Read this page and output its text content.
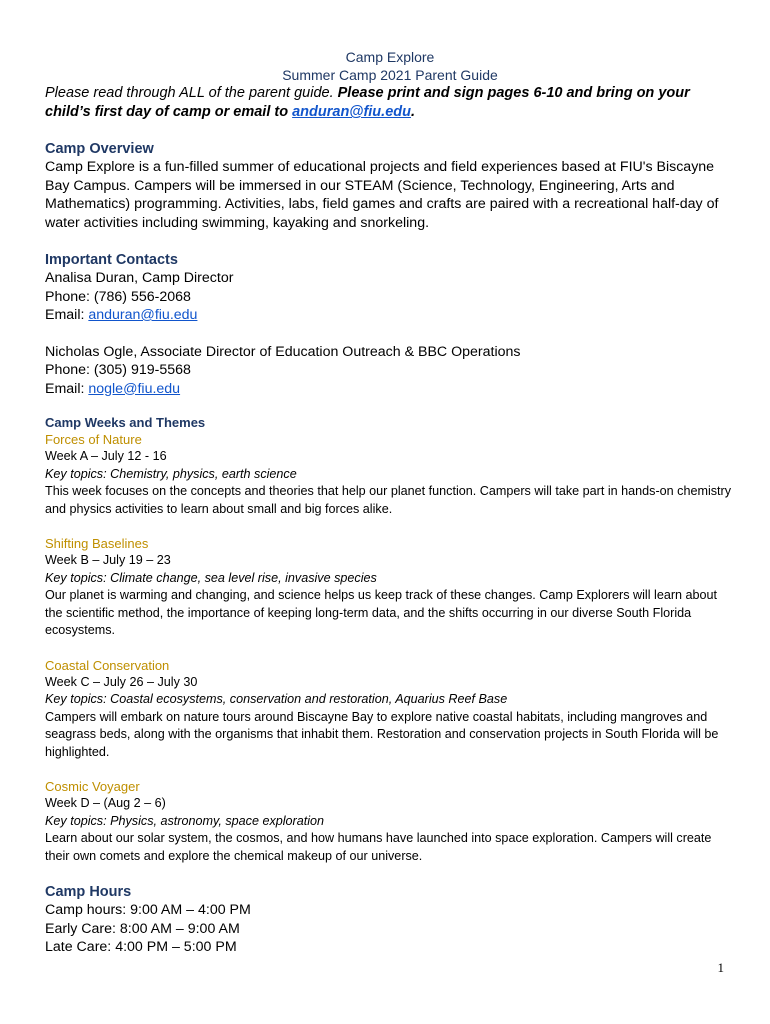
Camp Explore
Summer Camp 2021 Parent Guide
Please read through ALL of the parent guide. Please print and sign pages 6-10 and bring on your child’s first day of camp or email to anduran@fiu.edu.
Camp Overview
Camp Explore is a fun-filled summer of educational projects and field experiences based at FIU's Biscayne Bay Campus. Campers will be immersed in our STEAM (Science, Technology, Engineering, Arts and Mathematics) programming. Activities, labs, field games and crafts are paired with a recreational half-day of water activities including swimming, kayaking and snorkeling.
Important Contacts
Analisa Duran, Camp Director
Phone: (786) 556-2068
Email: anduran@fiu.edu
Nicholas Ogle, Associate Director of Education Outreach & BBC Operations
Phone: (305) 919-5568
Email: nogle@fiu.edu
Camp Weeks and Themes
Forces of Nature
Week A – July 12 - 16
Key topics: Chemistry, physics, earth science
This week focuses on the concepts and theories that help our planet function. Campers will take part in hands-on chemistry and physics activities to learn about small and big forces alike.
Shifting Baselines
Week B – July 19 – 23
Key topics: Climate change, sea level rise, invasive species
Our planet is warming and changing, and science helps us keep track of these changes. Camp Explorers will learn about the scientific method, the importance of keeping long-term data, and the shifts occurring in our diverse South Florida ecosystems.
Coastal Conservation
Week C – July 26 – July 30
Key topics: Coastal ecosystems, conservation and restoration, Aquarius Reef Base
Campers will embark on nature tours around Biscayne Bay to explore native coastal habitats, including mangroves and seagrass beds, along with the organisms that inhabit them. Restoration and conservation projects in South Florida will be highlighted.
Cosmic Voyager
Week D – (Aug 2 – 6)
Key topics: Physics, astronomy, space exploration
Learn about our solar system, the cosmos, and how humans have launched into space exploration. Campers will create their own comets and explore the chemical makeup of our universe.
Camp Hours
Camp hours: 9:00 AM – 4:00 PM
Early Care: 8:00 AM – 9:00 AM
Late Care: 4:00 PM – 5:00 PM
1
